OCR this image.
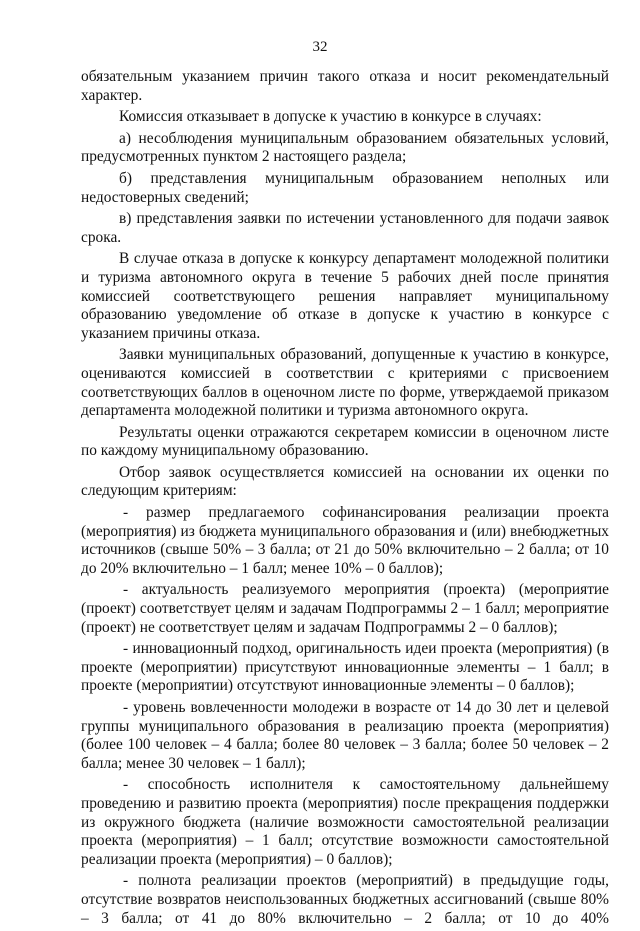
32

обязательным указанием причин такого отказа и носит рекомендательный характер.

Комиссия отказывает в допуске к участию в конкурсе в случаях:

а) несоблюдения муниципальным образованием обязательных условий, предусмотренных пунктом 2 настоящего раздела;

б) представления муниципальным образованием неполных или недостоверных сведений;

в) представления заявки по истечении установленного для подачи заявок срока.

В случае отказа в допуске к конкурсу департамент молодежной политики и туризма автономного округа в течение 5 рабочих дней после принятия комиссией соответствующего решения направляет муниципальному образованию уведомление об отказе в допуске к участию в конкурсе с указанием причины отказа.

Заявки муниципальных образований, допущенные к участию в конкурсе, оцениваются комиссией в соответствии с критериями с присвоением соответствующих баллов в оценочном листе по форме, утверждаемой приказом департамента молодежной политики и туризма автономного округа.

Результаты оценки отражаются секретарем комиссии в оценочном листе по каждому муниципальному образованию.

Отбор заявок осуществляется комиссией на основании их оценки по следующим критериям:

- размер предлагаемого софинансирования реализации проекта (мероприятия) из бюджета муниципального образования и (или) внебюджетных источников (свыше 50% – 3 балла; от 21 до 50% включительно – 2 балла; от 10 до 20% включительно – 1 балл; менее 10% – 0 баллов);

- актуальность реализуемого мероприятия (проекта) (мероприятие (проект) соответствует целям и задачам Подпрограммы 2 – 1 балл; мероприятие (проект) не соответствует целям и задачам Подпрограммы 2 – 0 баллов);

- инновационный подход, оригинальность идеи проекта (мероприятия) (в проекте (мероприятии) присутствуют инновационные элементы – 1 балл; в проекте (мероприятии) отсутствуют инновационные элементы – 0 баллов);

- уровень вовлеченности молодежи в возрасте от 14 до 30 лет и целевой группы муниципального образования в реализацию проекта (мероприятия) (более 100 человек – 4 балла; более 80 человек – 3 балла; более 50 человек – 2 балла; менее 30 человек – 1 балл);

- способность исполнителя к самостоятельному дальнейшему проведению и развитию проекта (мероприятия) после прекращения поддержки из окружного бюджета (наличие возможности самостоятельной реализации проекта (мероприятия) – 1 балл; отсутствие возможности самостоятельной реализации проекта (мероприятия) – 0 баллов);

- полнота реализации проектов (мероприятий) в предыдущие годы, отсутствие возвратов неиспользованных бюджетных ассигнований (свыше 80% – 3 балла; от 41 до 80% включительно – 2 балла; от 10 до 40%
